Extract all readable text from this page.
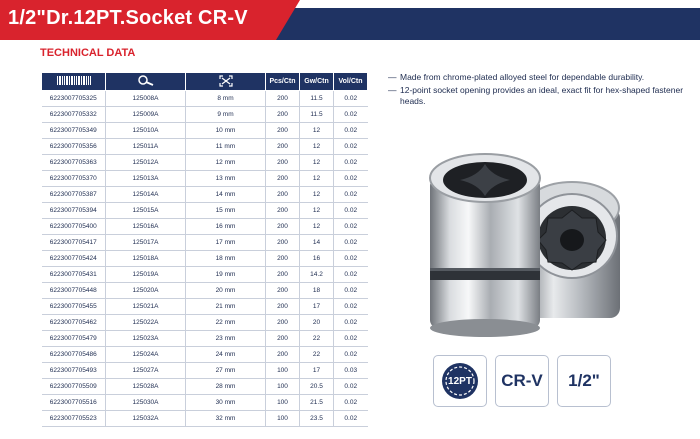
1/2"Dr.12PT.Socket CR-V
TECHNICAL DATA
			Pcs/Ctn	Gw/Ctn	Vol/Ctn
6223007705325	125008A	8 mm	200	11.5	0.02
6223007705332	125009A	9 mm	200	11.5	0.02
6223007705349	125010A	10 mm	200	12	0.02
6223007705356	125011A	11 mm	200	12	0.02
6223007705363	125012A	12 mm	200	12	0.02
6223007705370	125013A	13 mm	200	12	0.02
6223007705387	125014A	14 mm	200	12	0.02
6223007705394	125015A	15 mm	200	12	0.02
6223007705400	125016A	16 mm	200	12	0.02
6223007705417	125017A	17 mm	200	14	0.02
6223007705424	125018A	18 mm	200	16	0.02
6223007705431	125019A	19 mm	200	14.2	0.02
6223007705448	125020A	20 mm	200	18	0.02
6223007705455	125021A	21 mm	200	17	0.02
6223007705462	125022A	22 mm	200	20	0.02
6223007705479	125023A	23 mm	200	22	0.02
6223007705486	125024A	24 mm	200	22	0.02
6223007705493	125027A	27 mm	100	17	0.03
6223007705509	125028A	28 mm	100	20.5	0.02
6223007705516	125030A	30 mm	100	21.5	0.02
6223007705523	125032A	32 mm	100	23.5	0.02
— Made from chrome-plated alloyed steel for dependable durability.
— 12-point socket opening provides an ideal, exact fit for hex-shaped fastener heads.
12PT	CR-V 1/2"
